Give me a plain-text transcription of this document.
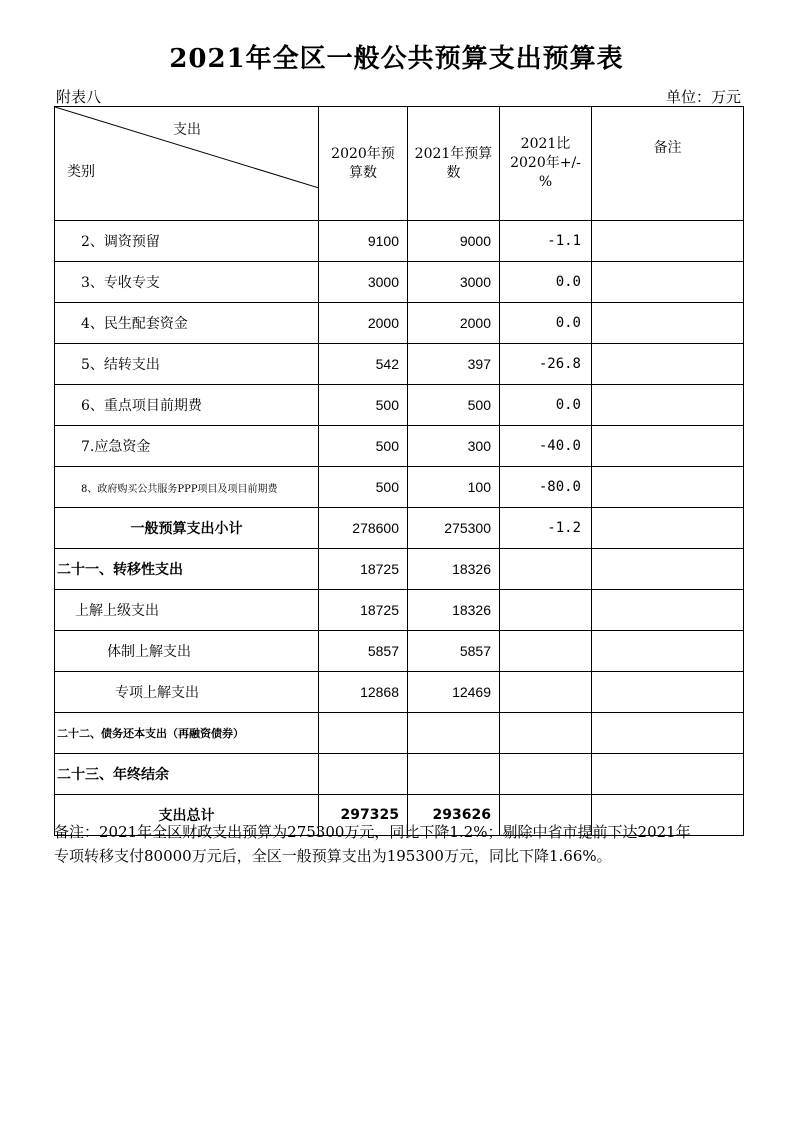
2021年全区一般公共预算支出预算表
附表八	单位：万元
支出
类别	2020年预算数	2021年预算数	2021比2020年+/-%	备注
2、调资预留	9100	9000	-1.1	
3、专收专支	3000	3000	0.0	
4、民生配套资金	2000	2000	0.0	
5、结转支出	542	397	-26.8	
6、重点项目前期费	500	500	0.0	
7.应急资金	500	300	-40.0	
8、政府购买公共服务PPP项目及项目前期费	500	100	-80.0	
一般预算支出小计	278600	275300	-1.2	
二十一、转移性支出	18725	18326		
上解上级支出	18725	18326		
体制上解支出	5857	5857		
专项上解支出	12868	12469		
二十二、债务还本支出（再融资债券）				
二十三、年终结余				
支出总计	297325	293626		
备注：2021年全区财政支出预算为275300万元，同比下降1.2%；剔除中省市提前下达2021年
专项转移支付80000万元后，全区一般预算支出为195300万元，同比下降1.66%。
